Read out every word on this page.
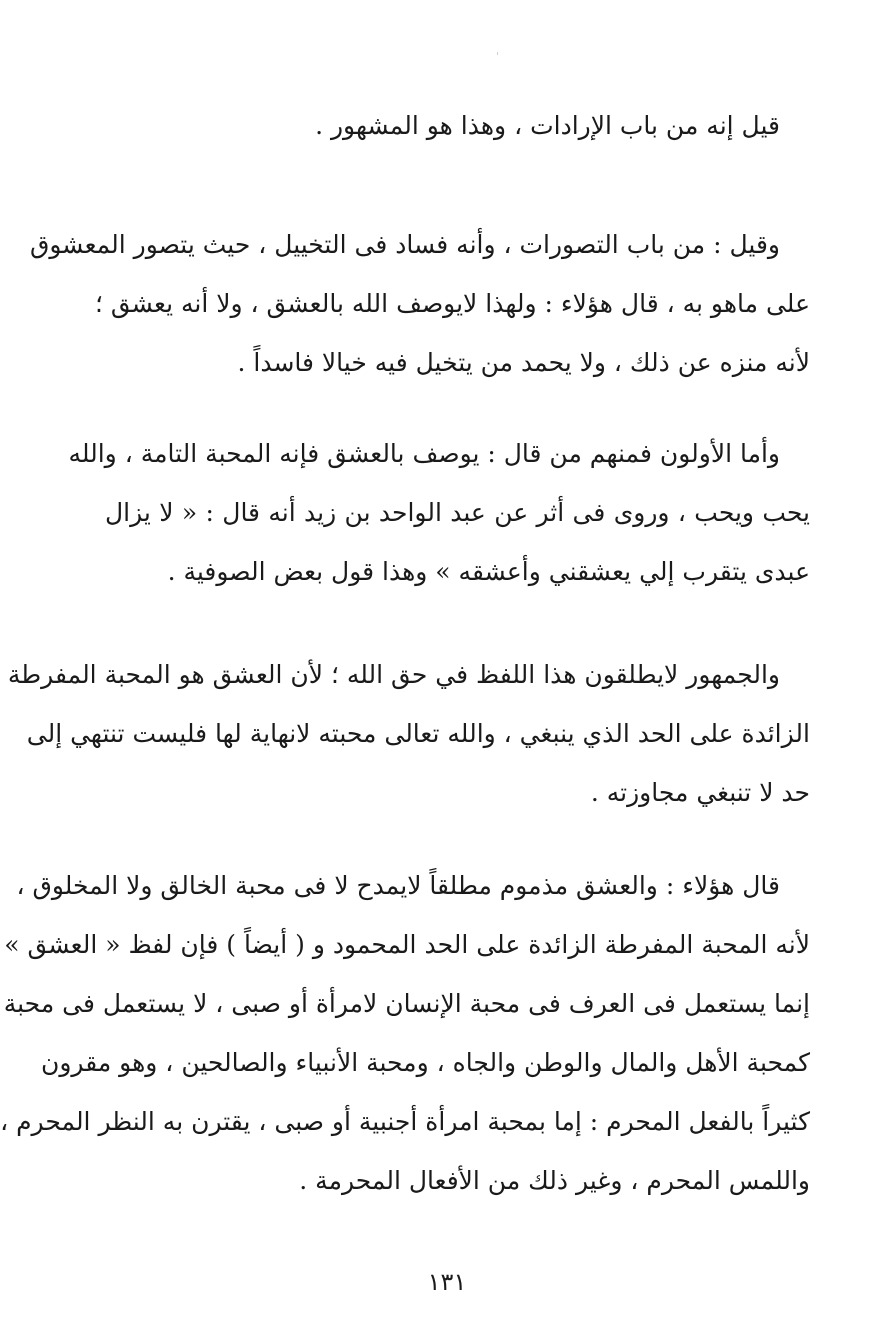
قيل إنه من باب الإرادات ، وهذا هو المشهور .
وقيل : من باب التصورات ، وأنه فساد فى التخييل ، حيث يتصور المعشوق
على ماهو به ، قال هؤلاء : ولهذا لايوصف الله بالعشق ، ولا أنه يعشق ؛
لأنه منزه عن ذلك ، ولا يحمد من يتخيل فيه خيالا فاسداً .
وأما الأولون فمنهم من قال : يوصف بالعشق فإنه المحبة التامة ، والله
يحب ويحب ، وروى فى أثر عن عبد الواحد بن زيد أنه قال : « لا يزال
عبدى يتقرب إلي يعشقني وأعشقه » وهذا قول بعض الصوفية .
والجمهور لايطلقون هذا اللفظ في حق الله ؛ لأن العشق هو المحبة المفرطة
الزائدة على الحد الذي ينبغي ، والله تعالى محبته لانهاية لها فليست تنتهي إلى
حد لا تنبغي مجاوزته .
قال هؤلاء : والعشق مذموم مطلقاً لايمدح لا فى محبة الخالق ولا المخلوق ،
لأنه المحبة المفرطة الزائدة على الحد المحمود و ( أيضاً ) فإن لفظ « العشق »
إنما يستعمل فى العرف فى محبة الإنسان لامرأة أو صبى ، لا يستعمل فى محبة
كمحبة الأهل والمال والوطن والجاه ، ومحبة الأنبياء والصالحين ، وهو مقرون
كثيراً بالفعل المحرم : إما بمحبة امرأة أجنبية أو صبى ، يقترن به النظر المحرم ،
واللمس المحرم ، وغير ذلك من الأفعال المحرمة .
١٣١
